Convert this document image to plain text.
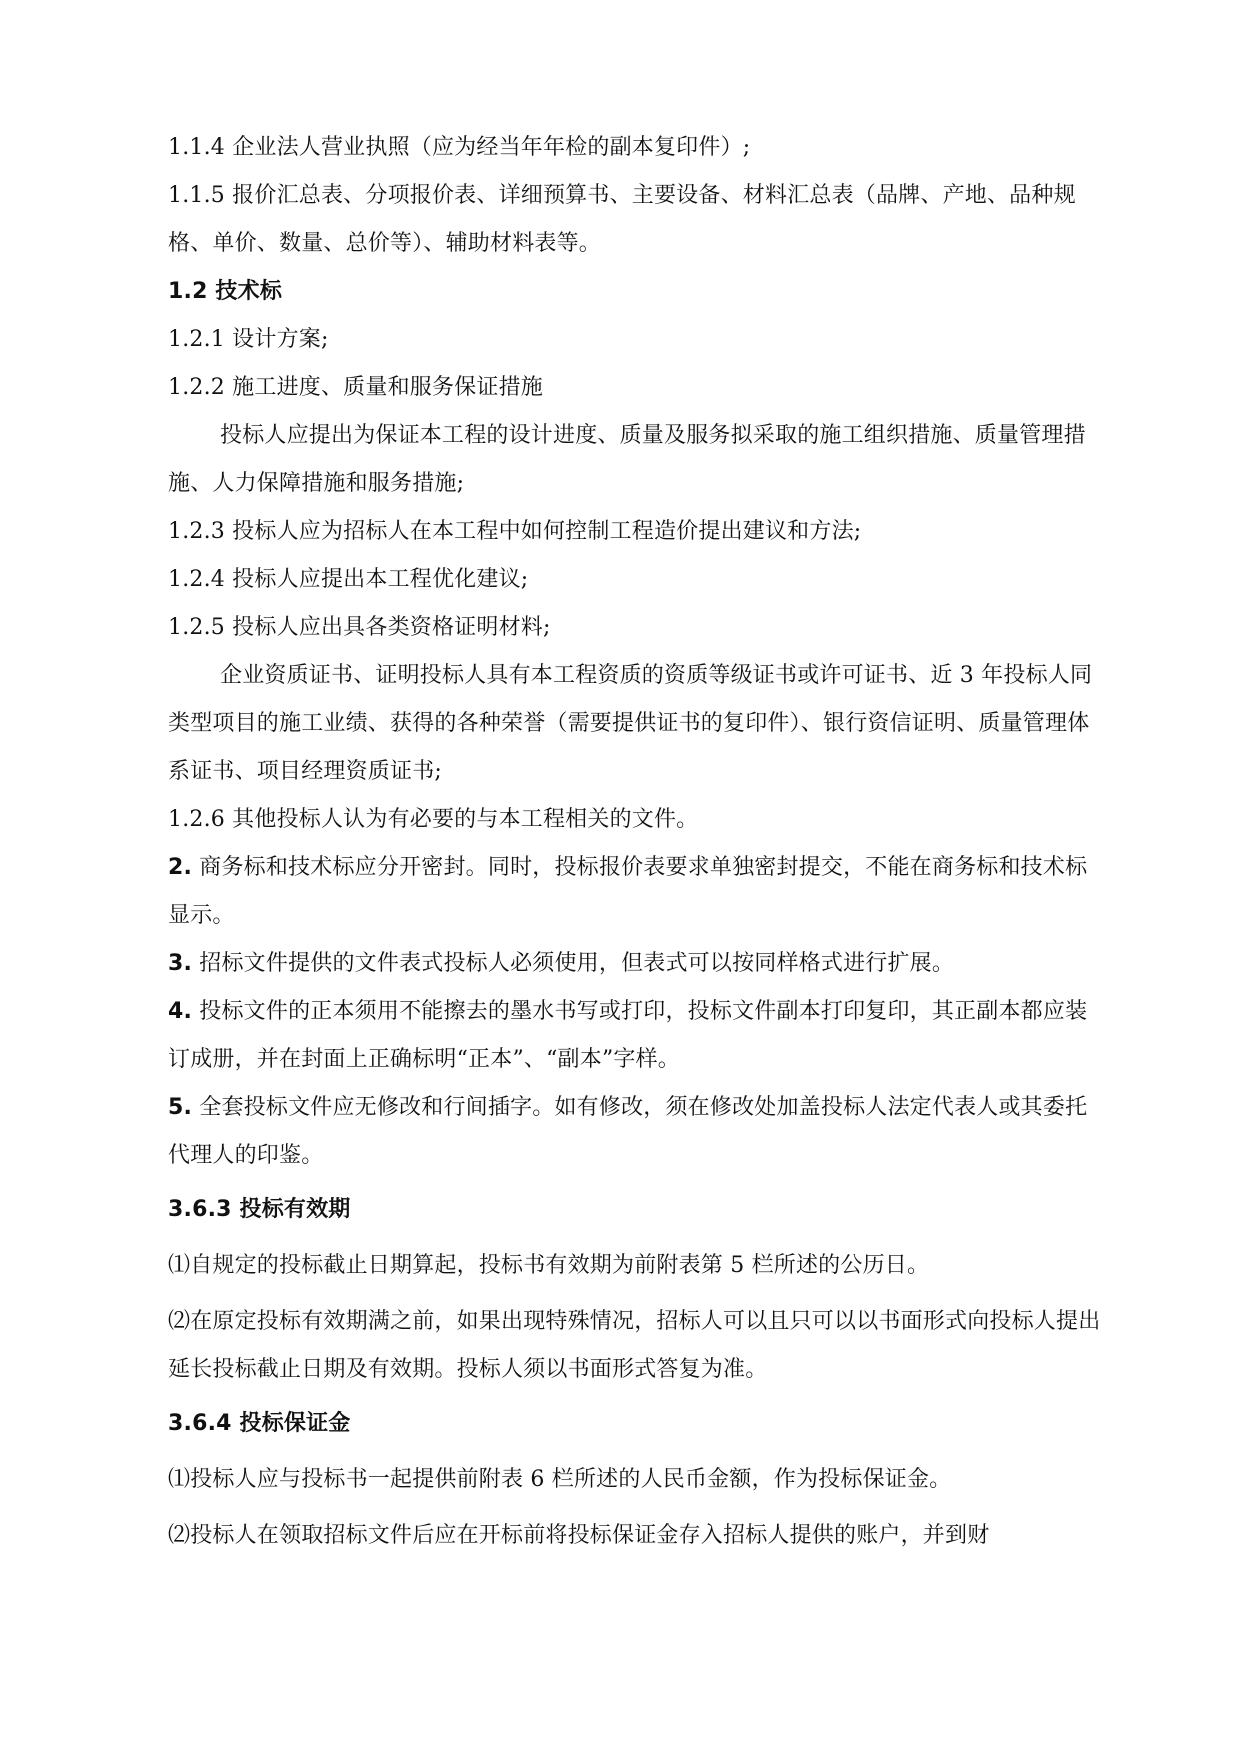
1.1.4 企业法人营业执照（应为经当年年检的副本复印件）;

1.1.5 报价汇总表、分项报价表、详细预算书、主要设备、材料汇总表（品牌、产地、品种规格、单价、数量、总价等）、辅助材料表等。

1.2 技术标

1.2.1 设计方案;

1.2.2 施工进度、质量和服务保证措施

投标人应提出为保证本工程的设计进度、质量及服务拟采取的施工组织措施、质量管理措施、人力保障措施和服务措施;

1.2.3 投标人应为招标人在本工程中如何控制工程造价提出建议和方法;

1.2.4 投标人应提出本工程优化建议;

1.2.5 投标人应出具各类资格证明材料;

企业资质证书、证明投标人具有本工程资质的资质等级证书或许可证书、近 3 年投标人同类型项目的施工业绩、获得的各种荣誉（需要提供证书的复印件）、银行资信证明、质量管理体系证书、项目经理资质证书;

1.2.6 其他投标人认为有必要的与本工程相关的文件。

2. 商务标和技术标应分开密封。同时，投标报价表要求单独密封提交，不能在商务标和技术标显示。

3. 招标文件提供的文件表式投标人必须使用，但表式可以按同样格式进行扩展。

4. 投标文件的正本须用不能擦去的墨水书写或打印，投标文件副本打印复印，其正副本都应装订成册，并在封面上正确标明“正本”、“副本”字样。

5. 全套投标文件应无修改和行间插字。如有修改，须在修改处加盖投标人法定代表人或其委托代理人的印鉴。

3.6.3 投标有效期

⑴自规定的投标截止日期算起，投标书有效期为前附表第 5 栏所述的公历日。

⑵在原定投标有效期满之前，如果出现特殊情况，招标人可以且只可以以书面形式向投标人提出延长投标截止日期及有效期。投标人须以书面形式答复为准。

3.6.4 投标保证金

⑴投标人应与投标书一起提供前附表 6 栏所述的人民币金额，作为投标保证金。

⑵投标人在领取招标文件后应在开标前将投标保证金存入招标人提供的账户，并到财
